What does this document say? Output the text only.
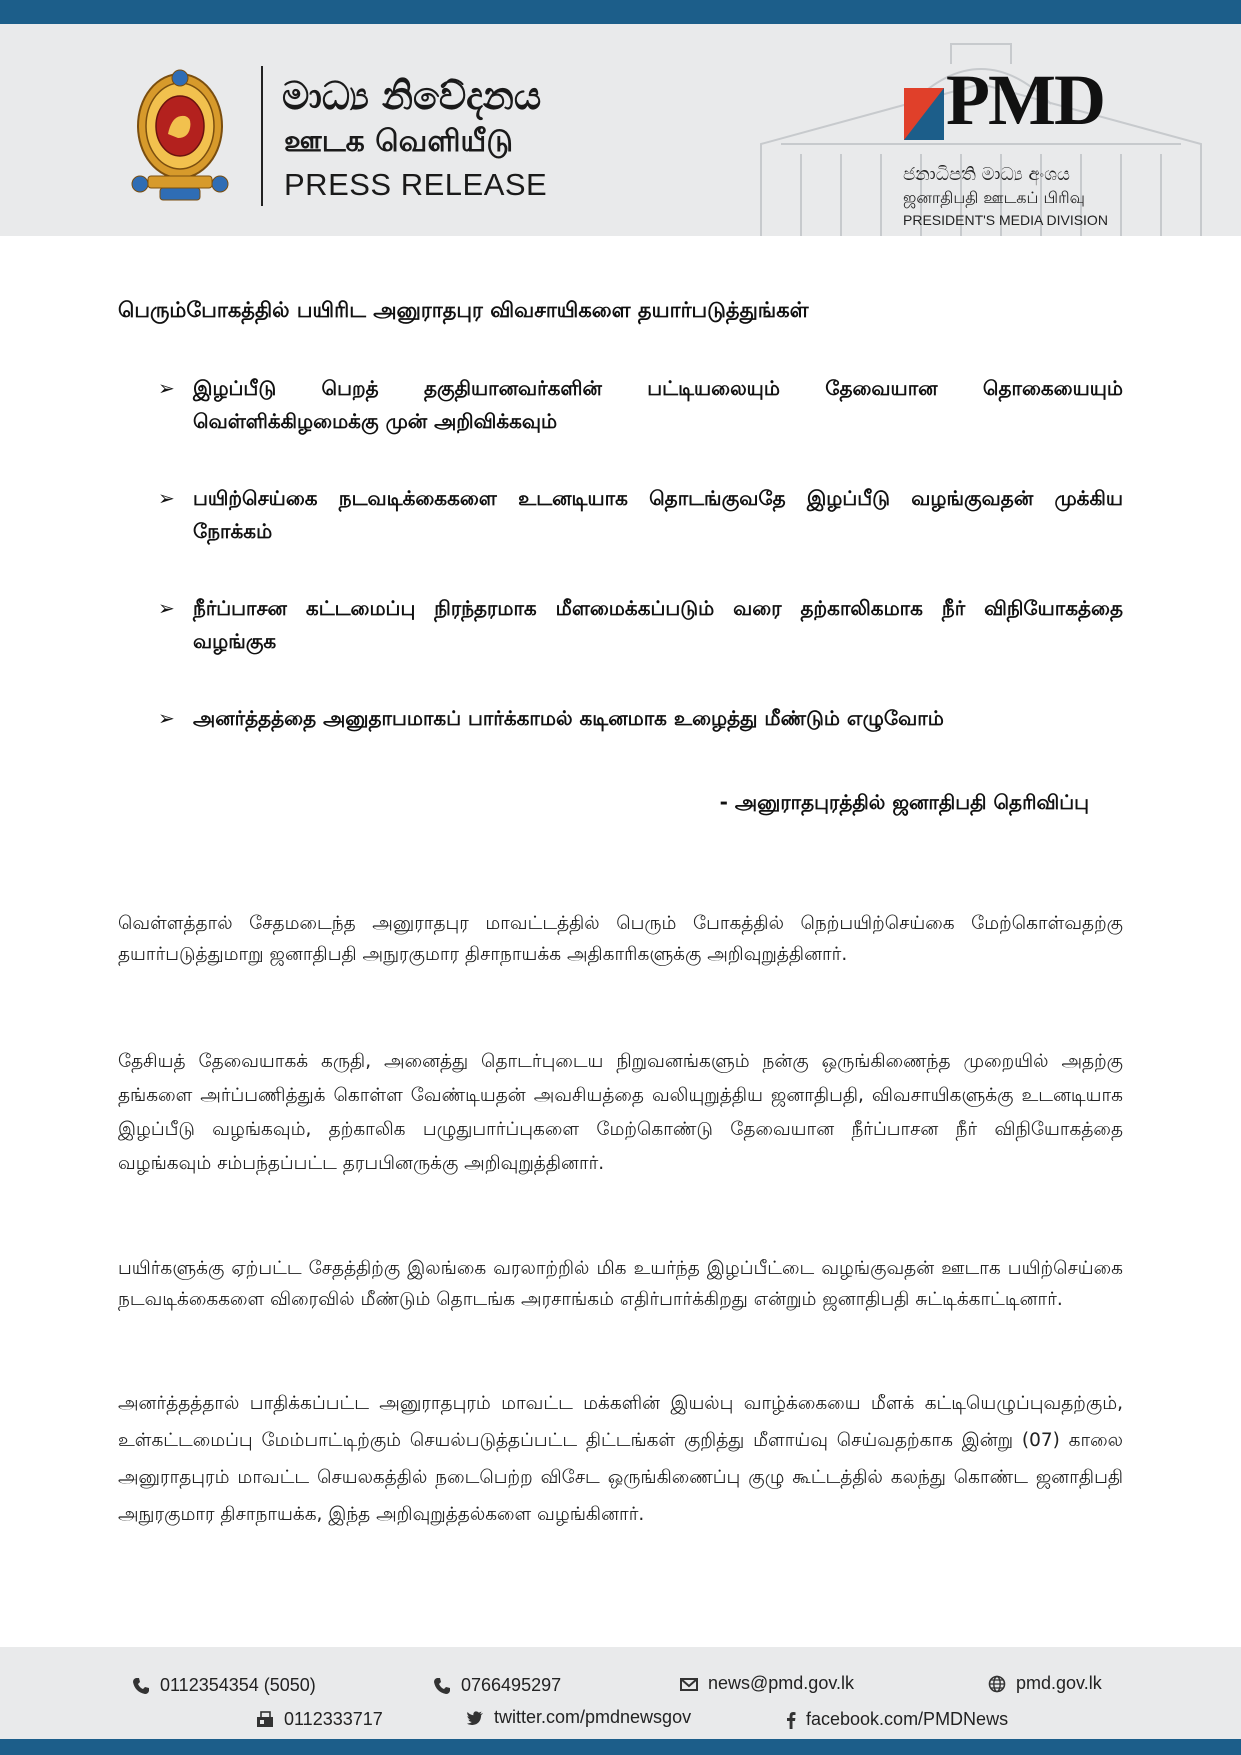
මාධ්‍ය නිවේදනය
ஊடக வெளியீடு
PRESS RELEASE
PMD
ජනාධිපති මාධ්‍ය අංශය
ஜனாதிபதி ஊடகப் பிரிவு
PRESIDENT'S MEDIA DIVISION
பெரும்போகத்தில் பயிரிட அனுராதபுர விவசாயிகளை தயார்படுத்துங்கள்
➢ இழப்பீடு பெறத் தகுதியானவர்களின் பட்டியலையும் தேவையான தொகையையும் வெள்ளிக்கிழமைக்கு முன் அறிவிக்கவும்
➢ பயிற்செய்கை நடவடிக்கைகளை உடனடியாக தொடங்குவதே இழப்பீடு வழங்குவதன் முக்கிய நோக்கம்
➢ நீர்ப்பாசன கட்டமைப்பு நிரந்தரமாக மீளமைக்கப்படும் வரை தற்காலிகமாக நீர் விநியோகத்தை வழங்குக
➢ அனர்த்தத்தை அனுதாபமாகப் பார்க்காமல் கடினமாக உழைத்து மீண்டும் எழுவோம்
- அனுராதபுரத்தில் ஜனாதிபதி தெரிவிப்பு

வெள்ளத்தால் சேதமடைந்த அனுராதபுர மாவட்டத்தில் பெரும் போகத்தில் நெற்பயிற்செய்கை மேற்கொள்வதற்கு தயார்படுத்துமாறு ஜனாதிபதி அநுரகுமார திசாநாயக்க அதிகாரிகளுக்கு அறிவுறுத்தினார்.

தேசியத் தேவையாகக் கருதி, அனைத்து தொடர்புடைய நிறுவனங்களும் நன்கு ஒருங்கிணைந்த முறையில் அதற்கு தங்களை அர்ப்பணித்துக் கொள்ள வேண்டியதன் அவசியத்தை வலியுறுத்திய ஜனாதிபதி, விவசாயிகளுக்கு உடனடியாக இழப்பீடு வழங்கவும், தற்காலிக பழுதுபார்ப்புகளை மேற்கொண்டு தேவையான நீர்ப்பாசன நீர் விநியோகத்தை வழங்கவும் சம்பந்தப்பட்ட தரபபினருக்கு அறிவுறுத்தினார்.

பயிர்களுக்கு ஏற்பட்ட சேதத்திற்கு இலங்கை வரலாற்றில் மிக உயர்ந்த இழப்பீட்டை வழங்குவதன் ஊடாக பயிற்செய்கை நடவடிக்கைகளை விரைவில் மீண்டும் தொடங்க அரசாங்கம் எதிர்பார்க்கிறது என்றும் ஜனாதிபதி சுட்டிக்காட்டினார்.

அனர்த்தத்தால் பாதிக்கப்பட்ட அனுராதபுரம் மாவட்ட மக்களின் இயல்பு வாழ்க்கையை மீளக் கட்டியெழுப்புவதற்கும், உள்கட்டமைப்பு மேம்பாட்டிற்கும் செயல்படுத்தப்பட்ட திட்டங்கள் குறித்து மீளாய்வு செய்வதற்காக இன்று (07) காலை அனுராதபுரம் மாவட்ட செயலகத்தில் நடைபெற்ற விசேட ஒருங்கிணைப்பு குழு கூட்டத்தில் கலந்து கொண்ட ஜனாதிபதி அநுரகுமார திசாநாயக்க, இந்த அறிவுறுத்தல்களை வழங்கினார்.

0112354354 (5050)	0766495297	news@pmd.gov.lk	pmd.gov.lk
0112333717	twitter.com/pmdnewsgov	facebook.com/PMDNews
